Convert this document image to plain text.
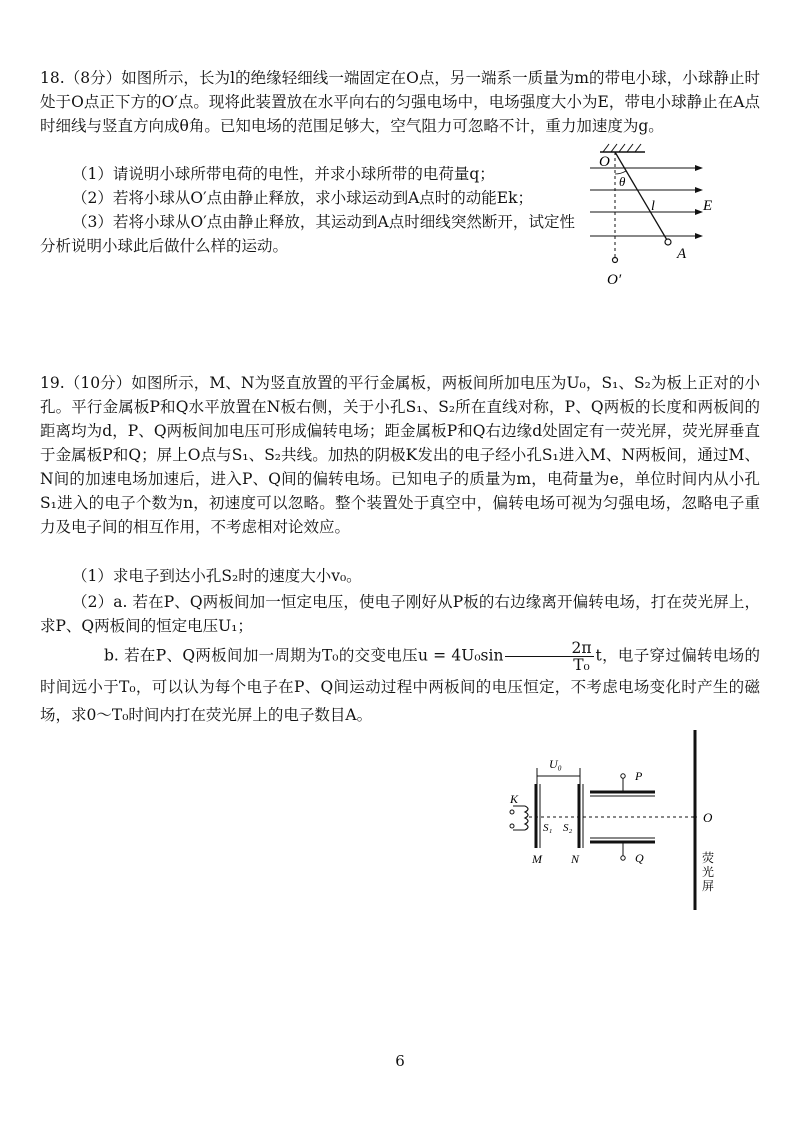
18.（8分）如图所示，长为l的绝缘轻细线一端固定在O点，另一端系一质量为m的带电小球，小球静止时处于O点正下方的O′点。现将此装置放在水平向右的匀强电场中，电场强度大小为E，带电小球静止在A点时细线与竖直方向成θ角。已知电场的范围足够大，空气阻力可忽略不计，重力加速度为g。

（1）请说明小球所带电荷的电性，并求小球所带的电荷量q；

（2）若将小球从O′点由静止释放，求小球运动到A点时的动能Ek；

（3）若将小球从O′点由静止释放，其运动到A点时细线突然断开，试定性分析说明小球此后做什么样的运动。

O
θ
l	E
A
O′

19.（10分）如图所示，M、N为竖直放置的平行金属板，两板间所加电压为U₀，S₁、S₂为板上正对的小孔。平行金属板P和Q水平放置在N板右侧，关于小孔S₁、S₂所在直线对称，P、Q两板的长度和两板间的距离均为d，P、Q两板间加电压可形成偏转电场；距金属板P和Q右边缘d处固定有一荧光屏，荧光屏垂直于金属板P和Q；屏上O点与S₁、S₂共线。加热的阴极K发出的电子经小孔S₁进入M、N两板间，通过M、N间的加速电场加速后，进入P、Q间的偏转电场。已知电子的质量为m，电荷量为e，单位时间内从小孔S₁进入的电子个数为n，初速度可以忽略。整个装置处于真空中，偏转电场可视为匀强电场，忽略电子重力及电子间的相互作用，不考虑相对论效应。

（1）求电子到达小孔S₂时的速度大小v₀。

（2）a. 若在P、Q两板间加一恒定电压，使电子刚好从P板的右边缘离开偏转电场，打在荧光屏上，求P、Q两板间的恒定电压U₁；

b. 若在P、Q两板间加一周期为T₀的交变电压$u = 4U_0\sin \frac{2\pi}{\text{T₀}}$ t，电子穿过偏转电场的时间远小于T₀，可以认为每个电子在P、Q间运动过程中两板间的电压恒定，不考虑电场变化时产生的磁场，求0～T₀时间内打在荧光屏上的电子数目A。

U₀
K
S₁ S₂
M N
P
Q
O
荧
光
屏
6
